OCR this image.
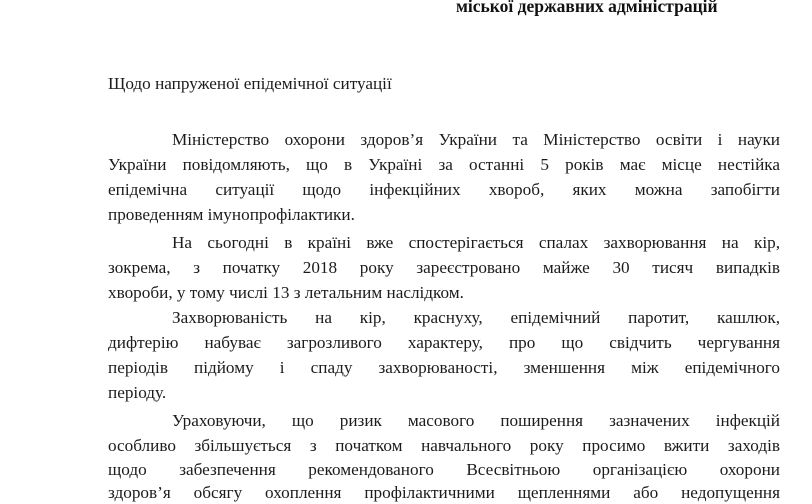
міської державних адміністрацій
Щодо напруженої епідемічної ситуації
Міністерство охорони здоров’я України та Міністерство освіти і науки
України повідомляють, що в Україні за останні 5 років має місце нестійка
епідемічна ситуації щодо інфекційних хвороб, яких можна запобігти
проведенням імунопрофілактики.
На сьогодні в країні вже спостерігається спалах захворювання на кір,
зокрема, з початку 2018 року зареєстровано майже 30 тисяч випадків
хвороби, у тому числі 13 з летальним наслідком.
Захворюваність на кір, краснуху, епідемічний паротит, кашлюк,
дифтерію набуває загрозливого характеру, про що свідчить чергування
періодів підйому і спаду захворюваності, зменшення між епідемічного
періоду.
Ураховуючи, що ризик масового поширення зазначених інфекцій
особливо збільшується з початком навчального року просимо вжити заходів
щодо забезпечення рекомендованого Всесвітньою організацією охорони
здоров’я обсягу охоплення профілактичними щепленнями або недопущення
